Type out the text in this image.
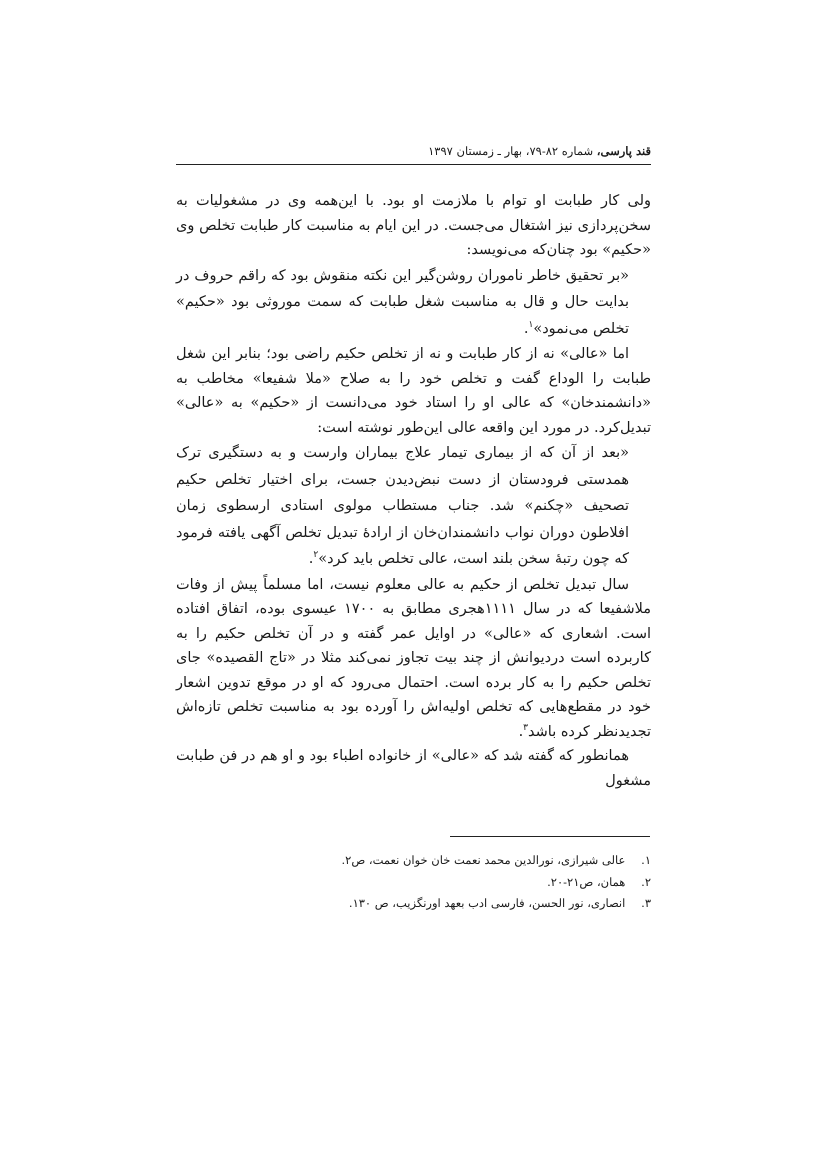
قند پارسی، شماره ۸۲-۷۹، بهار ـ زمستان ۱۳۹۷

ولی کار طبابت او توام با ملازمت او بود. با این‌همه وی در مشغولیات به سخن‌پردازی نیز اشتغال می‌جست. در این ایام به مناسبت کار طبابت تخلص وی «حکیم» بود چنان‌که می‌نویسد:

«بر تحقیق خاطر ناموران روشن‌گیر این نکته منقوش بود که راقم حروف در بدایت حال و قال به مناسبت شغل طبابت که سمت موروثی بود «حکیم» تخلص می‌نمود»$^۱$.

اما «عالی» نه از کار طبابت و نه از تخلص حکیم راضی بود؛ بنابر این شغل طبابت را الوداع گفت و تخلص خود را به صلاح «ملا شفیعا» مخاطب به «دانشمندخان» که عالی او را استاد خود می‌دانست از «حکیم» به «عالی» تبدیل‌کرد. در مورد این واقعه عالی این‌طور نوشته است:

«بعد از آن که از بیماری تیمار علاج بیماران وارست و به دستگیری ترک همدستی فرودستان از دست نبض‌دیدن جست، برای اختیار تخلص حکیم تصحیف «چکنم» شد. جناب مستطاب مولوی استادی ارسطوی زمان افلاطون دوران نواب دانشمندان‌خان از ارادهٔ تبدیل تخلص آگهی یافته فرمود که چون رتبهٔ سخن بلند است، عالی تخلص باید کرد»$^۲$.

سال تبدیل تخلص از حکیم به عالی معلوم نیست، اما مسلماً پیش از وفات ملاشفیعا که در سال ۱۱۱۱هجری مطابق به ۱۷۰۰ عیسوی بوده، اتفاق افتاده است. اشعاری که «عالی» در اوایل عمر گفته و در آن تخلص حکیم را به کاربرده است دردیوانش از چند بیت تجاوز نمی‌کند مثلا در «تاج القصیده» جای تخلص حکیم را به کار برده است. احتمال می‌رود که او در موقع تدوین اشعار خود در مقطع‌هایی که تخلص اولیه‌اش را آورده بود به مناسبت تخلص تازه‌اش تجدیدنظر کرده باشد$^۳$.

همانطور که گفته شد که «عالی» از خانواده اطباء بود و او هم در فن طبابت مشغول

۱. عالی شیرازی، نورالدین محمد نعمت خان خوان نعمت، ص۲.
۲. همان، ص۲۱-۲۰.
۳. انصاری، نور الحسن، فارسی ادب بعهد اورنگزیب، ص ۱۳۰.
